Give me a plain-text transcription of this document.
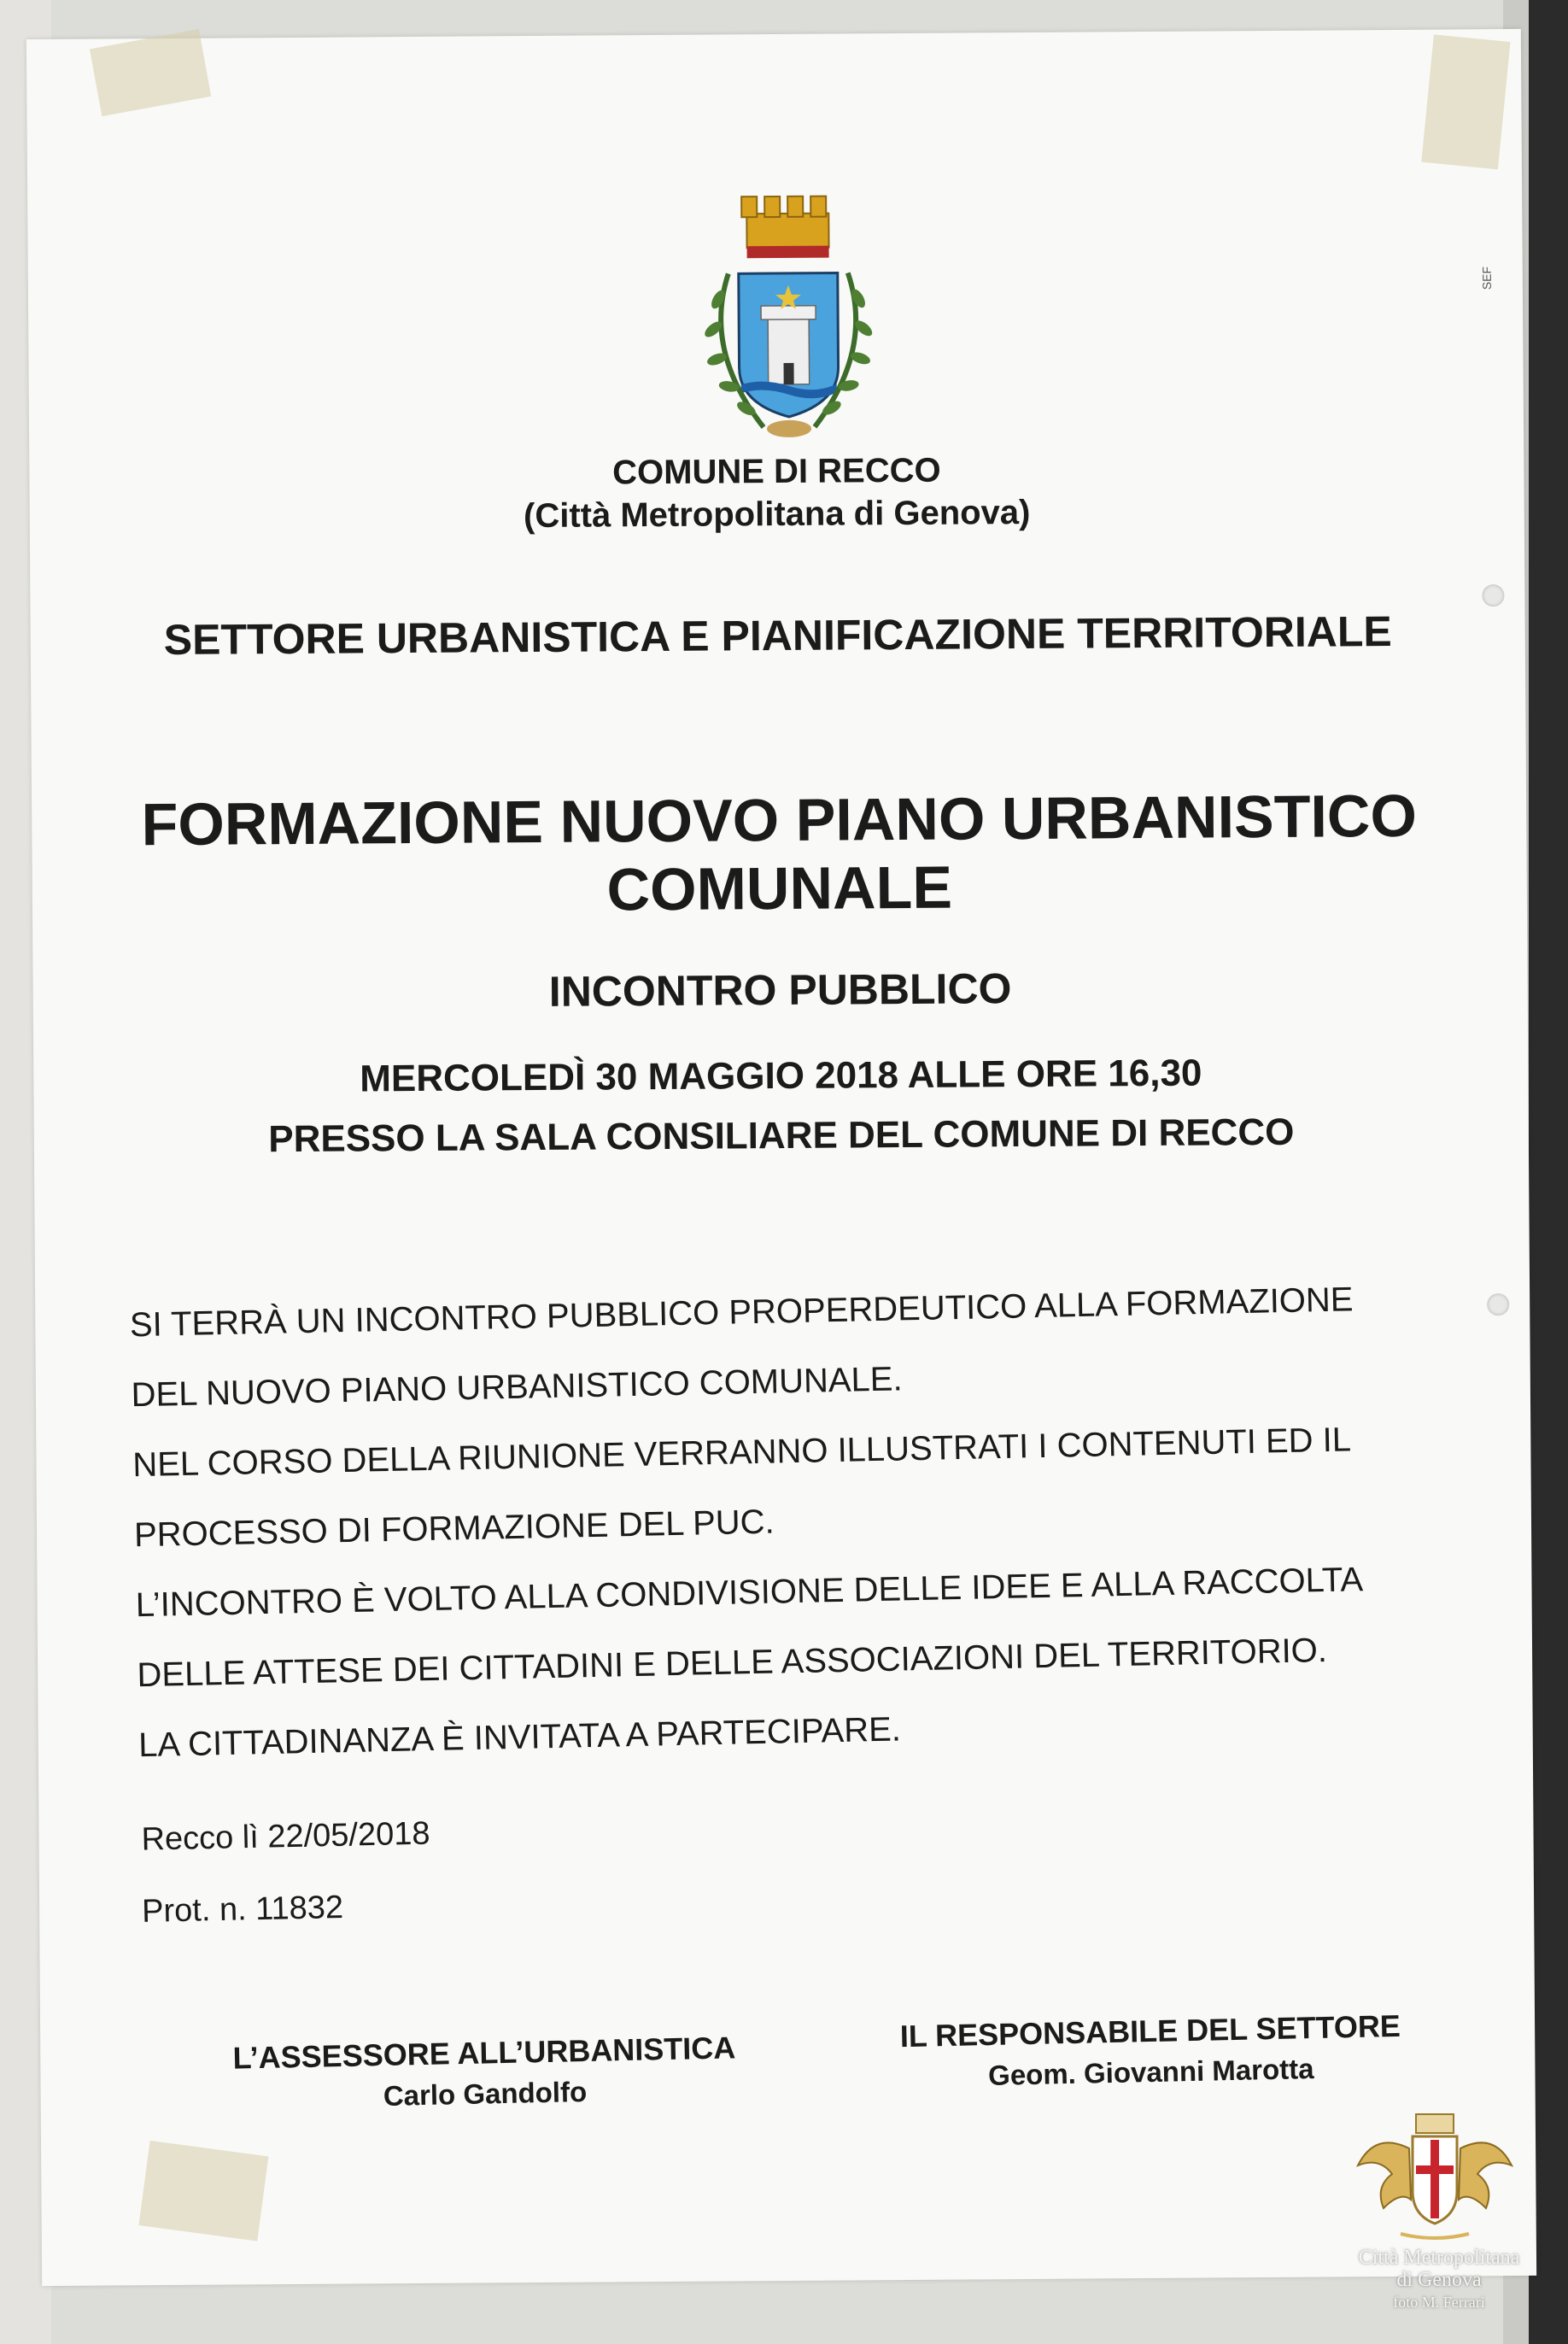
COMUNE DI RECCO
(Città Metropolitana di Genova)
SETTORE URBANISTICA E PIANIFICAZIONE TERRITORIALE
FORMAZIONE NUOVO PIANO URBANISTICO
COMUNALE
INCONTRO PUBBLICO
MERCOLEDÌ 30 MAGGIO 2018 ALLE ORE 16,30
PRESSO LA SALA CONSILIARE DEL COMUNE DI RECCO
SI TERRÀ UN INCONTRO PUBBLICO PROPERDEUTICO ALLA FORMAZIONE
DEL NUOVO PIANO URBANISTICO COMUNALE.
NEL CORSO DELLA RIUNIONE VERRANNO ILLUSTRATI I CONTENUTI ED IL
PROCESSO DI FORMAZIONE DEL PUC.
L’INCONTRO È VOLTO ALLA CONDIVISIONE DELLE IDEE E ALLA RACCOLTA
DELLE ATTESE DEI CITTADINI E DELLE ASSOCIAZIONI DEL TERRITORIO.
LA CITTADINANZA È INVITATA A PARTECIPARE.
Recco lì 22/05/2018
Prot. n. 11832
L’ASSESSORE ALL’URBANISTICA
Carlo Gandolfo
IL RESPONSABILE DEL SETTORE
Geom. Giovanni Marotta
SEF
Città Metropolitana
di Genova
foto M. Ferrari
